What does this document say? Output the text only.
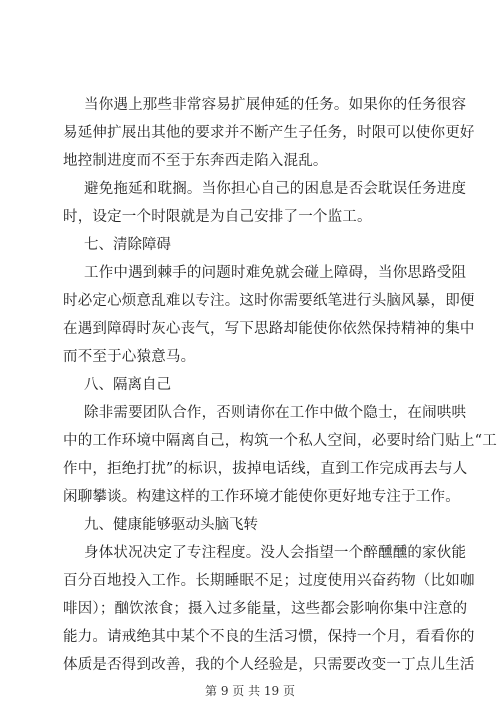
当你遇上那些非常容易扩展伸延的任务。如果你的任务很容
易延伸扩展出其他的要求并不断产生子任务，时限可以使你更好
地控制进度而不至于东奔西走陷入混乱。
避免拖延和耽搁。当你担心自己的困息是否会耽误任务进度
时，设定一个时限就是为自己安排了一个监工。
七、清除障碍
工作中遇到棘手的问题时难免就会碰上障碍，当你思路受阻
时必定心烦意乱难以专注。这时你需要纸笔进行头脑风暴，即便
在遇到障碍时灰心丧气，写下思路却能使你依然保持精神的集中
而不至于心猿意马。
八、隔离自己
除非需要团队合作，否则请你在工作中做个隐士，在闹哄哄
中的工作环境中隔离自己，构筑一个私人空间，必要时给门贴上“工
作中，拒绝打扰”的标识，拔掉电话线，直到工作完成再去与人
闲聊攀谈。构建这样的工作环境才能使你更好地专注于工作。
九、健康能够驱动头脑飞转
身体状况决定了专注程度。没人会指望一个醉醺醺的家伙能
百分百地投入工作。长期睡眠不足；过度使用兴奋药物（比如咖
啡因）；酗饮浓食；摄入过多能量，这些都会影响你集中注意的
能力。请戒绝其中某个不良的生活习惯，保持一个月，看看你的
体质是否得到改善，我的个人经验是，只需要改变一丁点儿生活
第 9 页 共 19 页
